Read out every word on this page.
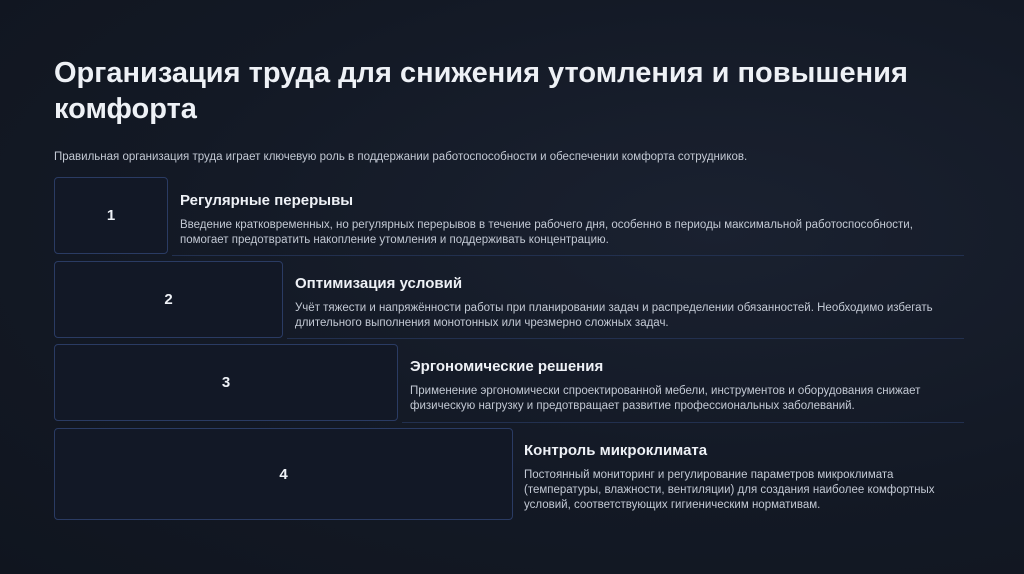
Организация труда для снижения утомления и повышения комфорта

Правильная организация труда играет ключевую роль в поддержании работоспособности и обеспечении комфорта сотрудников.

1

Регулярные перерывы

Введение кратковременных, но регулярных перерывов в течение рабочего дня, особенно в периоды максимальной работоспособности, помогает предотвратить накопление утомления и поддерживать концентрацию.

2

Оптимизация условий

Учёт тяжести и напряжённости работы при планировании задач и распределении обязанностей. Необходимо избегать длительного выполнения монотонных или чрезмерно сложных задач.

3

Эргономические решения

Применение эргономически спроектированной мебели, инструментов и оборудования снижает физическую нагрузку и предотвращает развитие профессиональных заболеваний.

4

Контроль микроклимата

Постоянный мониторинг и регулирование параметров микроклимата (температуры, влажности, вентиляции) для создания наиболее комфортных условий, соответствующих гигиеническим нормативам.
